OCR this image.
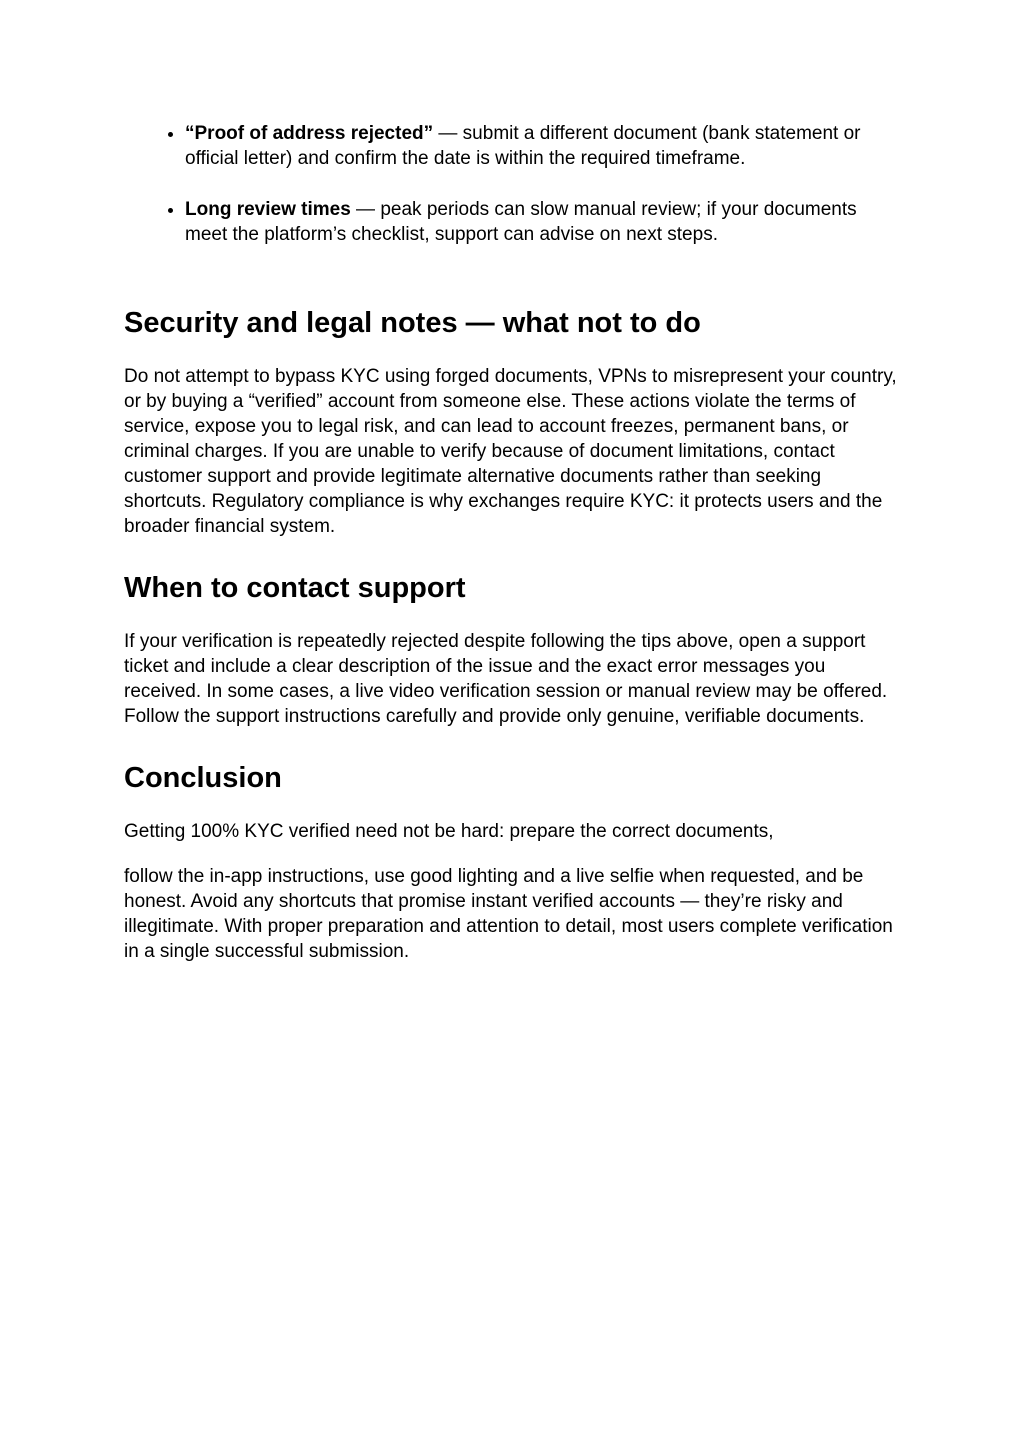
• “Proof of address rejected” — submit a different document (bank statement or official letter) and confirm the date is within the required timeframe.
• Long review times — peak periods can slow manual review; if your documents meet the platform’s checklist, support can advise on next steps.
Security and legal notes — what not to do

Do not attempt to bypass KYC using forged documents, VPNs to misrepresent your country, or by buying a “verified” account from someone else. These actions violate the terms of service, expose you to legal risk, and can lead to account freezes, permanent bans, or criminal charges. If you are unable to verify because of document limitations, contact customer support and provide legitimate alternative documents rather than seeking shortcuts. Regulatory compliance is why exchanges require KYC: it protects users and the broader financial system.

When to contact support

If your verification is repeatedly rejected despite following the tips above, open a support ticket and include a clear description of the issue and the exact error messages you received. In some cases, a live video verification session or manual review may be offered. Follow the support instructions carefully and provide only genuine, verifiable documents.

Conclusion

Getting 100% KYC verified need not be hard: prepare the correct documents,

follow the in-app instructions, use good lighting and a live selfie when requested, and be honest. Avoid any shortcuts that promise instant verified accounts — they’re risky and illegitimate. With proper preparation and attention to detail, most users complete verification in a single successful submission.
